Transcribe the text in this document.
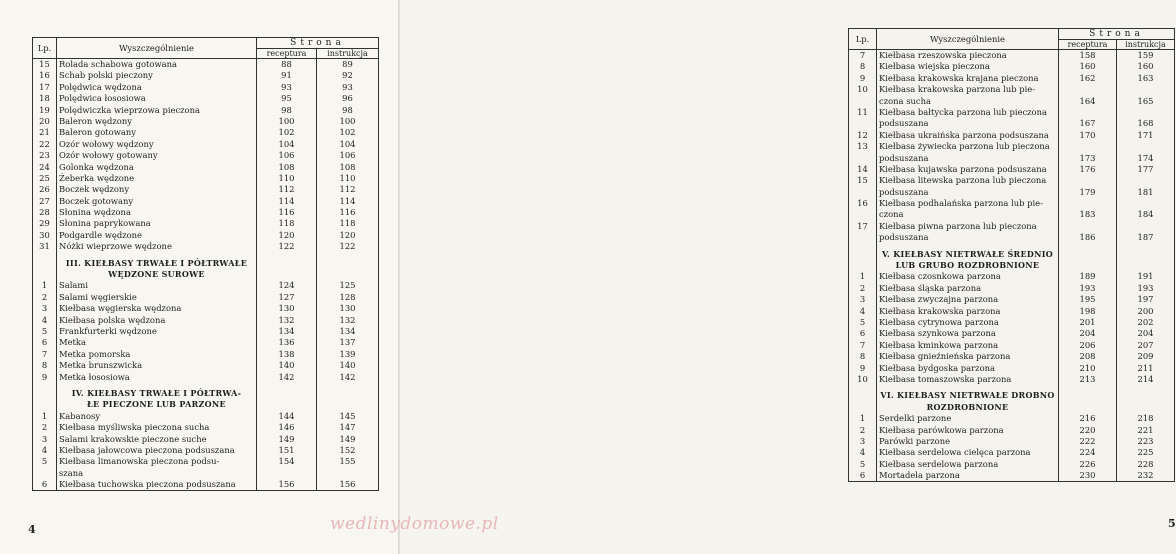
Lp.	Wyszczególnienie	Strona	
		receptura	instrukcja
15	Rolada schabowa gotowana	88	89
16	Schab polski pieczony	91	92
17	Polędwica wędzona	93	93
18	Polędwica łososiowa	95	96
19	Polędwiczka wieprzowa pieczona	98	98
20	Baleron wędzony	100	100
21	Baleron gotowany	102	102
22	Ozór wołowy wędzony	104	104
23	Ozór wołowy gotowany	106	106
24	Golonka wędzona	108	108
25	Żeberka wędzone	110	110
26	Boczek wędzony	112	112
27	Boczek gotowany	114	114
28	Słonina wędzona	116	116
29	Słonina paprykowana	118	118
30	Podgardle wędzone	120	120
31	Nóżki wieprzowe wędzone	122	122

	III. KIEŁBASY TRWAŁE I PÓŁTRWAŁE		
	WĘDZONE SUROWE		
1	Salami	124	125
2	Salami węgierskie	127	128
3	Kiełbasa węgierska wędzona	130	130
4	Kiełbasa polska wędzona	132	132
5	Frankfurterki wędzone	134	134
6	Metka	136	137
7	Metka pomorska	138	139
8	Metka brunszwicka	140	140
9	Metka łososiowa	142	142

	IV. KIEŁBASY TRWAŁE I PÓŁTRWA-		
	ŁE PIECZONE LUB PARZONE		
1	Kabanosy	144	145
2	Kiełbasa myśliwska pieczona sucha	146	147
3	Salami krakowskie pieczone suche	149	149
4	Kiełbasa jałowcowa pieczona podsuszana	151	152
5	Kiełbasa limanowska pieczona podsu-	154	155
	szana		
6	Kiełbasa tuchowska pieczona podsuszana	156	156
4
Lp.	Wyszczególnienie	Strona	
		receptura	instrukcja
7	Kiełbasa rzeszowska pieczona	158	159
8	Kiełbasa wiejska pieczona	160	160
9	Kiełbasa krakowska krajana pieczona	162	163
10	Kiełbasa krakowska parzona lub pie-		
	czona sucha	164	165
11	Kiełbasa bałtycka parzona lub pieczona		
	podsuszana	167	168
12	Kiełbasa ukraińska parzona podsuszana	170	171
13	Kiełbasa żywiecka parzona lub pieczona		
	podsuszana	173	174
14	Kiełbasa kujawska parzona podsuszana	176	177
15	Kiełbasa litewska parzona lub pieczona		
	podsuszana	179	181
16	Kiełbasa podhalańska parzona lub pie-		
	czona	183	184
17	Kiełbasa piwna parzona lub pieczona		
	podsuszana	186	187

	V. KIEŁBASY NIETRWAŁE ŚREDNIO		
	LUB GRUBO ROZDROBNIONE		
1	Kiełbasa czosnkowa parzona	189	191
2	Kiełbasa śląska parzona	193	193
3	Kiełbasa zwyczajna parzona	195	197
4	Kiełbasa krakowska parzona	198	200
5	Kiełbasa cytrynowa parzona	201	202
6	Kiełbasa szynkowa parzona	204	204
7	Kiełbasa kminkowa parzona	206	207
8	Kiełbasa gnieźnieńska parzona	208	209
9	Kiełbasa bydgoska parzona	210	211
10	Kiełbasa tomaszowska parzona	213	214

	VI. KIEŁBASY NIETRWAŁE DROBNO		
	ROZDROBNIONE		
1	Serdelki parzone	216	218
2	Kiełbasa parówkowa parzona	220	221
3	Parówki parzone	222	223
4	Kiełbasa serdelowa cielęca parzona	224	225
5	Kiełbasa serdelowa parzona	226	228
6	Mortadela parzona	230	232
5
wedlinydomowe.pl
